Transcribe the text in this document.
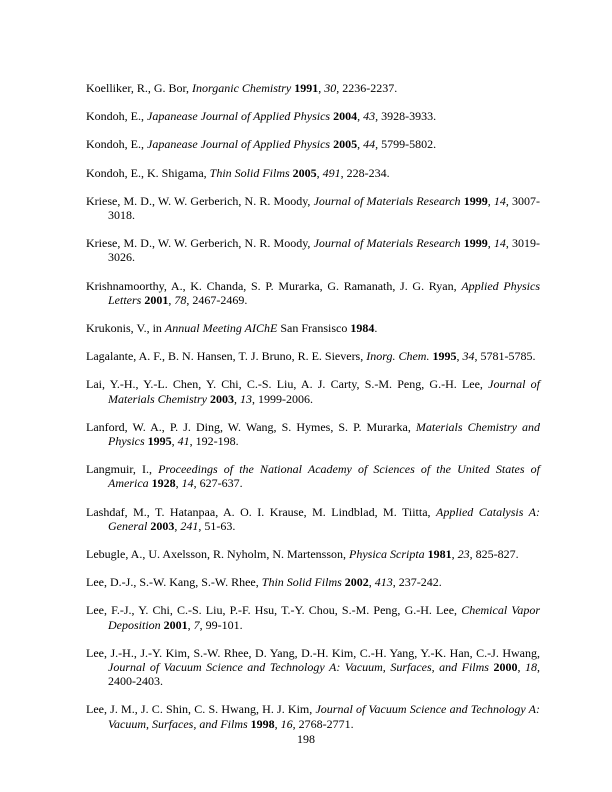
Koelliker, R., G. Bor, Inorganic Chemistry 1991, 30, 2236-2237.

Kondoh, E., Japanease Journal of Applied Physics 2004, 43, 3928-3933.

Kondoh, E., Japanease Journal of Applied Physics 2005, 44, 5799-5802.

Kondoh, E., K. Shigama, Thin Solid Films 2005, 491, 228-234.

Kriese, M. D., W. W. Gerberich, N. R. Moody, Journal of Materials Research 1999, 14, 3007-3018.

Kriese, M. D., W. W. Gerberich, N. R. Moody, Journal of Materials Research 1999, 14, 3019-3026.

Krishnamoorthy, A., K. Chanda, S. P. Murarka, G. Ramanath, J. G. Ryan, Applied Physics Letters 2001, 78, 2467-2469.

Krukonis, V., in Annual Meeting AIChE San Fransisco 1984.

Lagalante, A. F., B. N. Hansen, T. J. Bruno, R. E. Sievers, Inorg. Chem. 1995, 34, 5781-5785.

Lai, Y.-H., Y.-L. Chen, Y. Chi, C.-S. Liu, A. J. Carty, S.-M. Peng, G.-H. Lee, Journal of Materials Chemistry 2003, 13, 1999-2006.

Lanford, W. A., P. J. Ding, W. Wang, S. Hymes, S. P. Murarka, Materials Chemistry and Physics 1995, 41, 192-198.

Langmuir, I., Proceedings of the National Academy of Sciences of the United States of America 1928, 14, 627-637.

Lashdaf, M., T. Hatanpaa, A. O. I. Krause, M. Lindblad, M. Tiitta, Applied Catalysis A: General 2003, 241, 51-63.

Lebugle, A., U. Axelsson, R. Nyholm, N. Martensson, Physica Scripta 1981, 23, 825-827.

Lee, D.-J., S.-W. Kang, S.-W. Rhee, Thin Solid Films 2002, 413, 237-242.

Lee, F.-J., Y. Chi, C.-S. Liu, P.-F. Hsu, T.-Y. Chou, S.-M. Peng, G.-H. Lee, Chemical Vapor Deposition 2001, 7, 99-101.

Lee, J.-H., J.-Y. Kim, S.-W. Rhee, D. Yang, D.-H. Kim, C.-H. Yang, Y.-K. Han, C.-J. Hwang, Journal of Vacuum Science and Technology A: Vacuum, Surfaces, and Films 2000, 18, 2400-2403.

Lee, J. M., J. C. Shin, C. S. Hwang, H. J. Kim, Journal of Vacuum Science and Technology A: Vacuum, Surfaces, and Films 1998, 16, 2768-2771.

198
